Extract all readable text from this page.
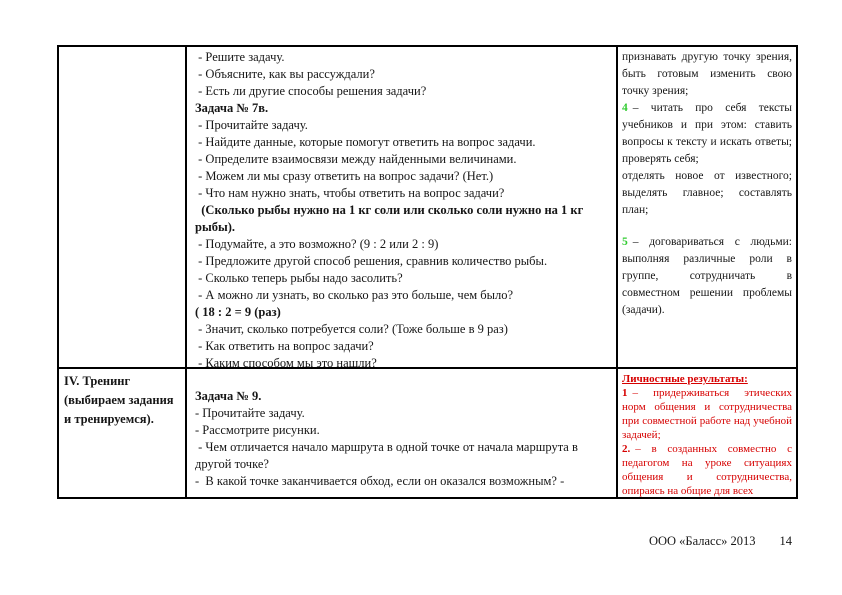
- Решите задачу.
- Объясните, как вы рассуждали?
- Есть ли другие способы решения задачи?
Задача № 7в.
- Прочитайте задачу.
- Найдите данные, которые помогут ответить на вопрос задачи.
- Определите взаимосвязи между найденными величинами.
- Можем ли мы сразу ответить на вопрос задачи? (Нет.)
- Что нам нужно знать, чтобы ответить на вопрос задачи?
(Сколько рыбы нужно на 1 кг соли или сколько соли нужно на 1 кг рыбы).
- Подумайте, а это возможно? (9 : 2 или 2 : 9)
- Предложите другой способ решения, сравнив количество рыбы.
- Сколько теперь рыбы надо засолить?
- А можно ли узнать, во сколько раз это больше, чем было?
( 18 : 2 = 9 (раз)
- Значит, сколько потребуется соли? (Тоже больше в 9 раз)
- Как ответить на вопрос задачи?
- Каким способом мы это нашли?

признавать другую точку зрения, быть готовым изменить свою точку зрения;

4 – читать про себя тексты учебников и при этом: ставить вопросы к тексту и искать ответы; проверять себя;

отделять новое от известного; выделять главное; составлять план;

5 – договариваться с людьми: выполняя различные роли в группе, сотрудничать в совместном решении проблемы (задачи).

IV. Тренинг (выбираем задания и тренируемся).
Задача № 9.
- Прочитайте задачу.
- Рассмотрите рисунки.
- Чем отличается начало маршрута в одной точке от начала маршрута в другой точке?
-  В какой точке заканчивается обход, если он оказался возможным? -

Личностные результаты:

1 – придерживаться этических норм общения и сотрудничества при совместной работе над учебной задачей;

2. – в созданных совместно с педагогом на уроке ситуациях общения и сотрудничества, опираясь на общие для всех

ООО «Баласс» 2013 14
